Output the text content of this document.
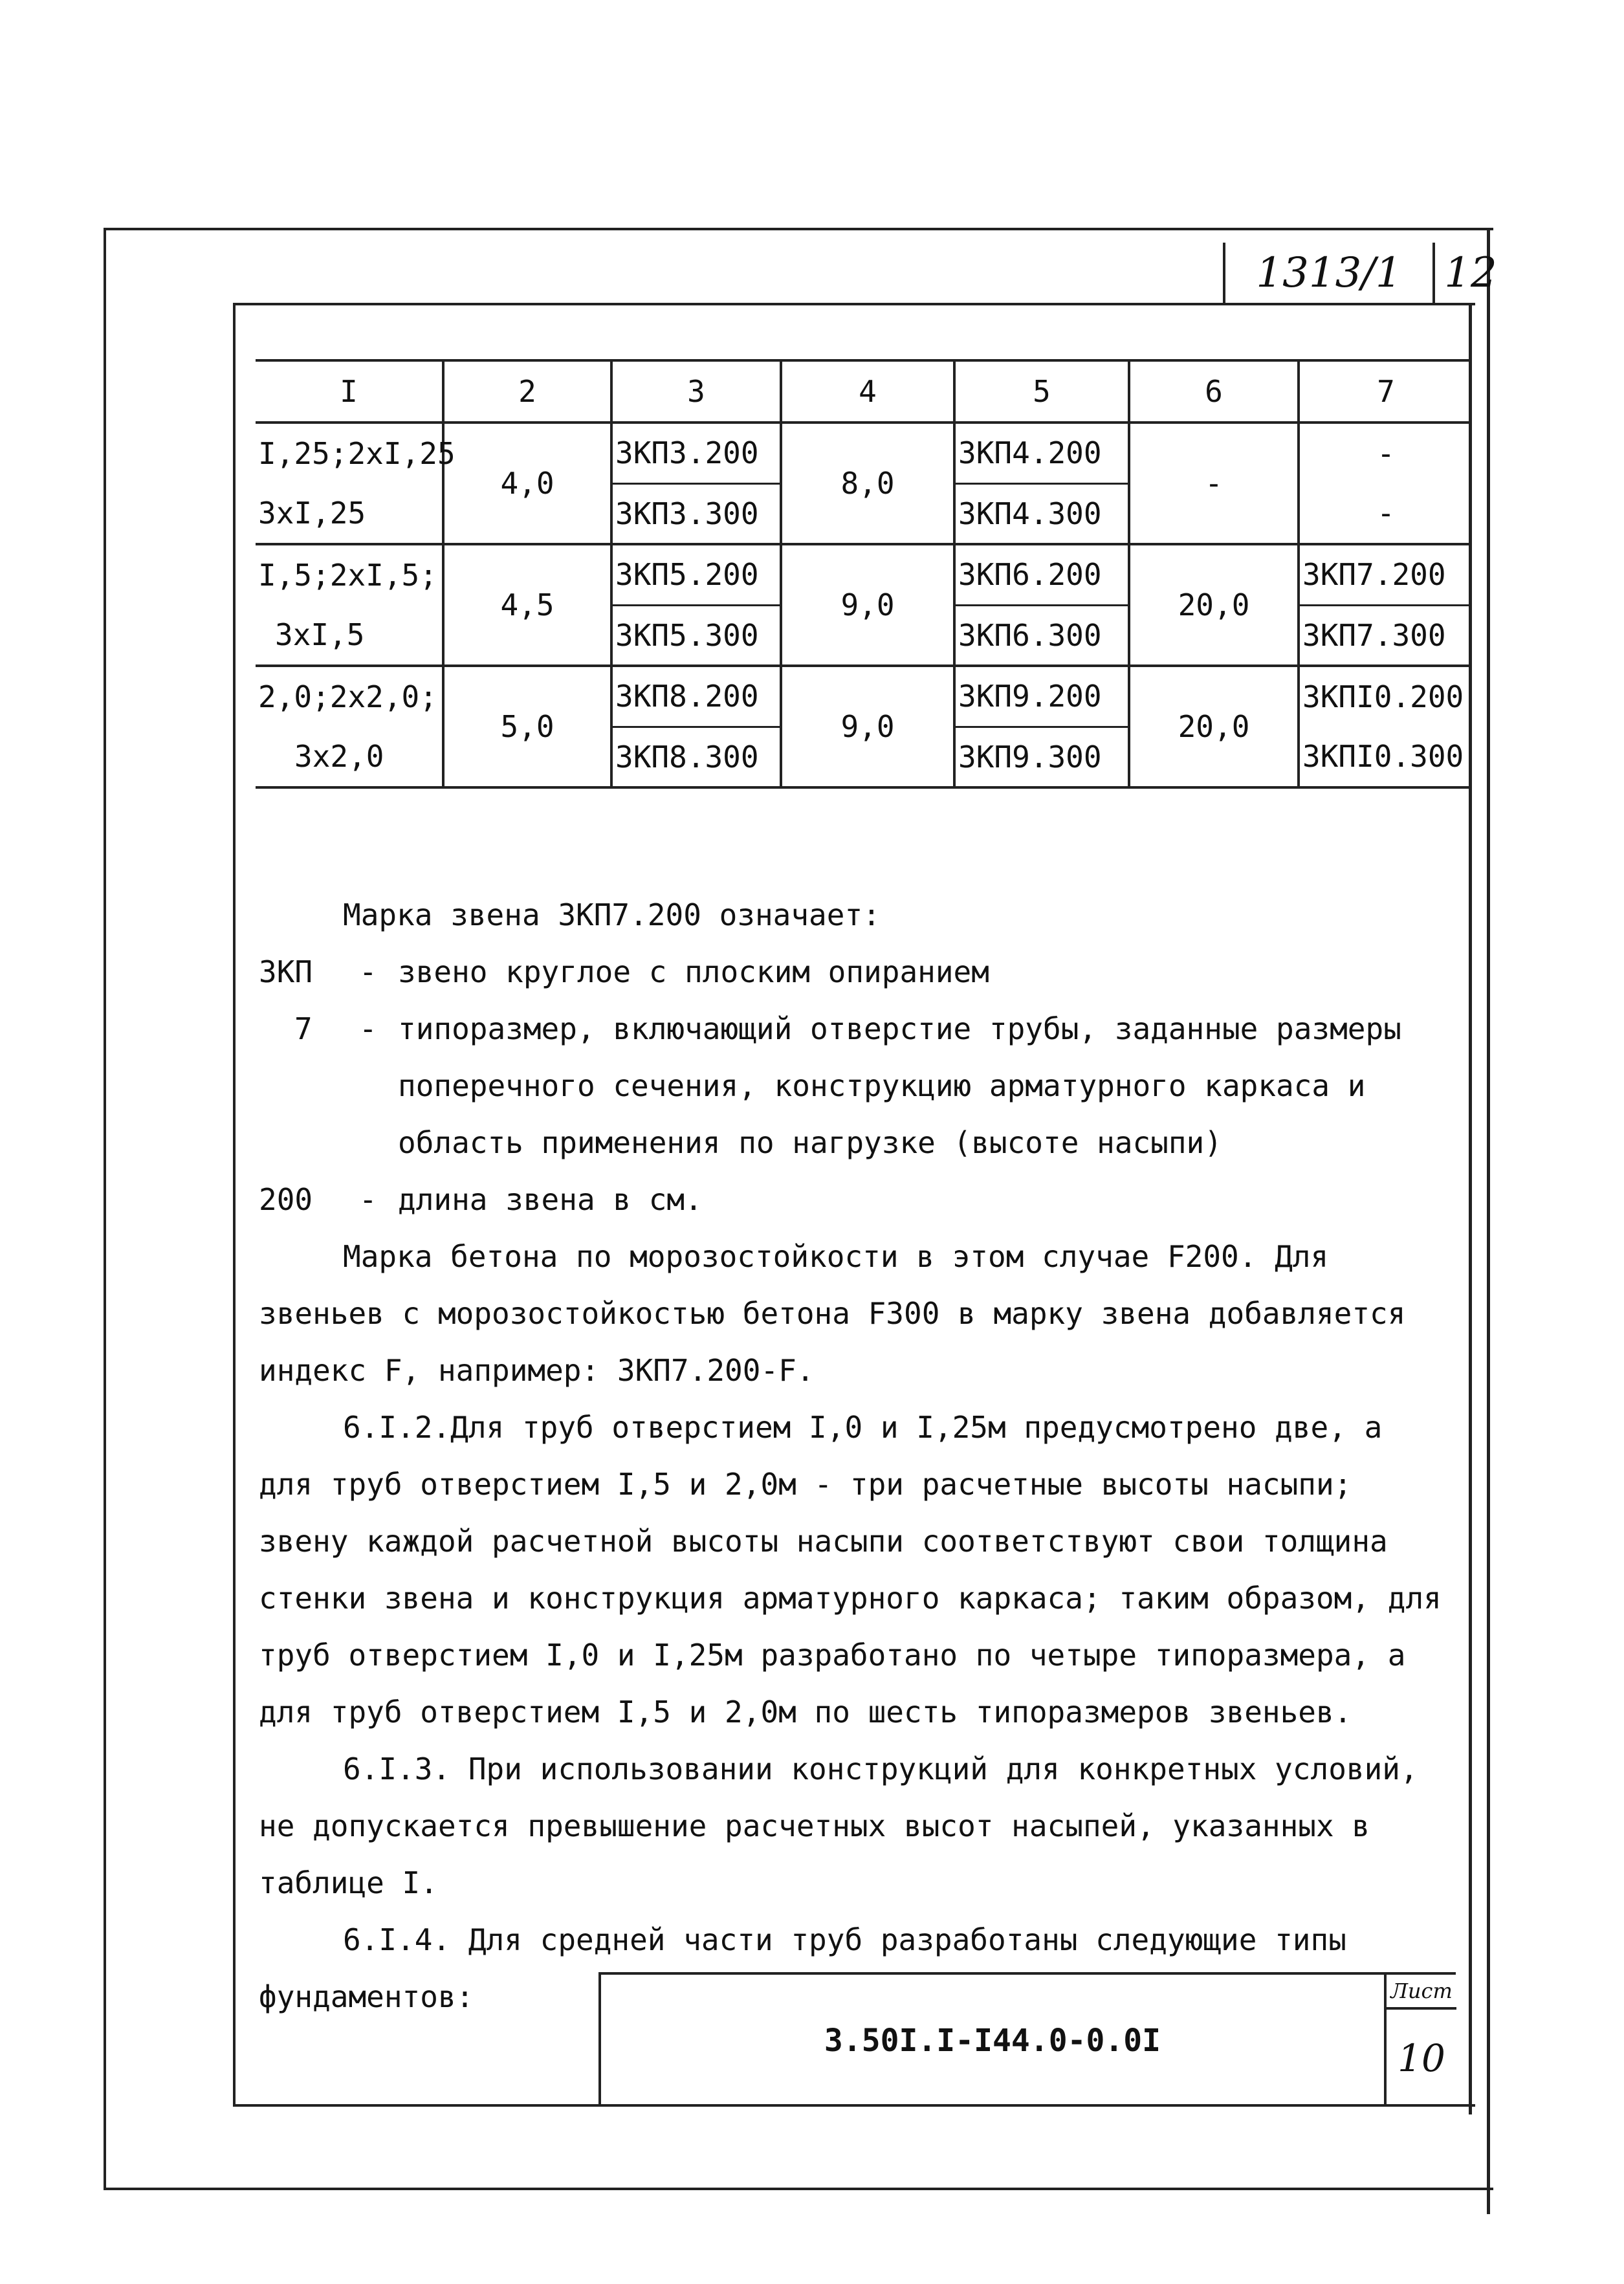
1313/1	12
I	2	3	4	5	6	7
I,25;2xI,25	4,0	ЗКПЗ.200	8,0	ЗКП4.200	-	-
3xI,25		ЗКПЗ.300		ЗКП4.300		-
I,5;2xI,5;	4,5	ЗКП5.200	9,0	ЗКП6.200	20,0	ЗКП7.200
3xI,5		ЗКП5.300		ЗКП6.300		ЗКП7.300
2,0;2x2,0;	5,0	ЗКП8.200	9,0	ЗКП9.200	20,0	ЗКПI0.200
3x2,0		ЗКП8.300		ЗКП9.300		ЗКПI0.300

Марка звена ЗКП7.200 означает:

ЗКП	- звено круглое с плоским опиранием
7	- типоразмер, включающий отверстие трубы, заданные размеры поперечного сечения, конструкцию арматурного каркаса и область применения по нагрузке (высоте насыпи)
200	- длина звена в см.

Марка бетона по морозостойкости в этом случае F200. Для звеньев с морозостойкостью бетона F300 в марку звена добавляется индекс F, например: ЗКП7.200-F.

6.I.2.Для труб отверстием I,0 и I,25м предусмотрено две, а для труб отверстием I,5 и 2,0м - три расчетные высоты насыпи; звену каждой расчетной высоты насыпи соответствуют свои толщина стенки звена и конструкция арматурного каркаса; таким образом, для труб отверстием I,0 и I,25м разработано по четыре типоразмера, а для труб отверстием I,5 и 2,0м по шесть типоразмеров звеньев.

6.I.3. При использовании конструкций для конкретных условий, не допускается превышение расчетных высот насыпей, указанных в таблице I.

6.I.4. Для средней части труб разработаны следующие типы фундаментов:

3.50I.I-I44.0-0.0I
Лист
10
